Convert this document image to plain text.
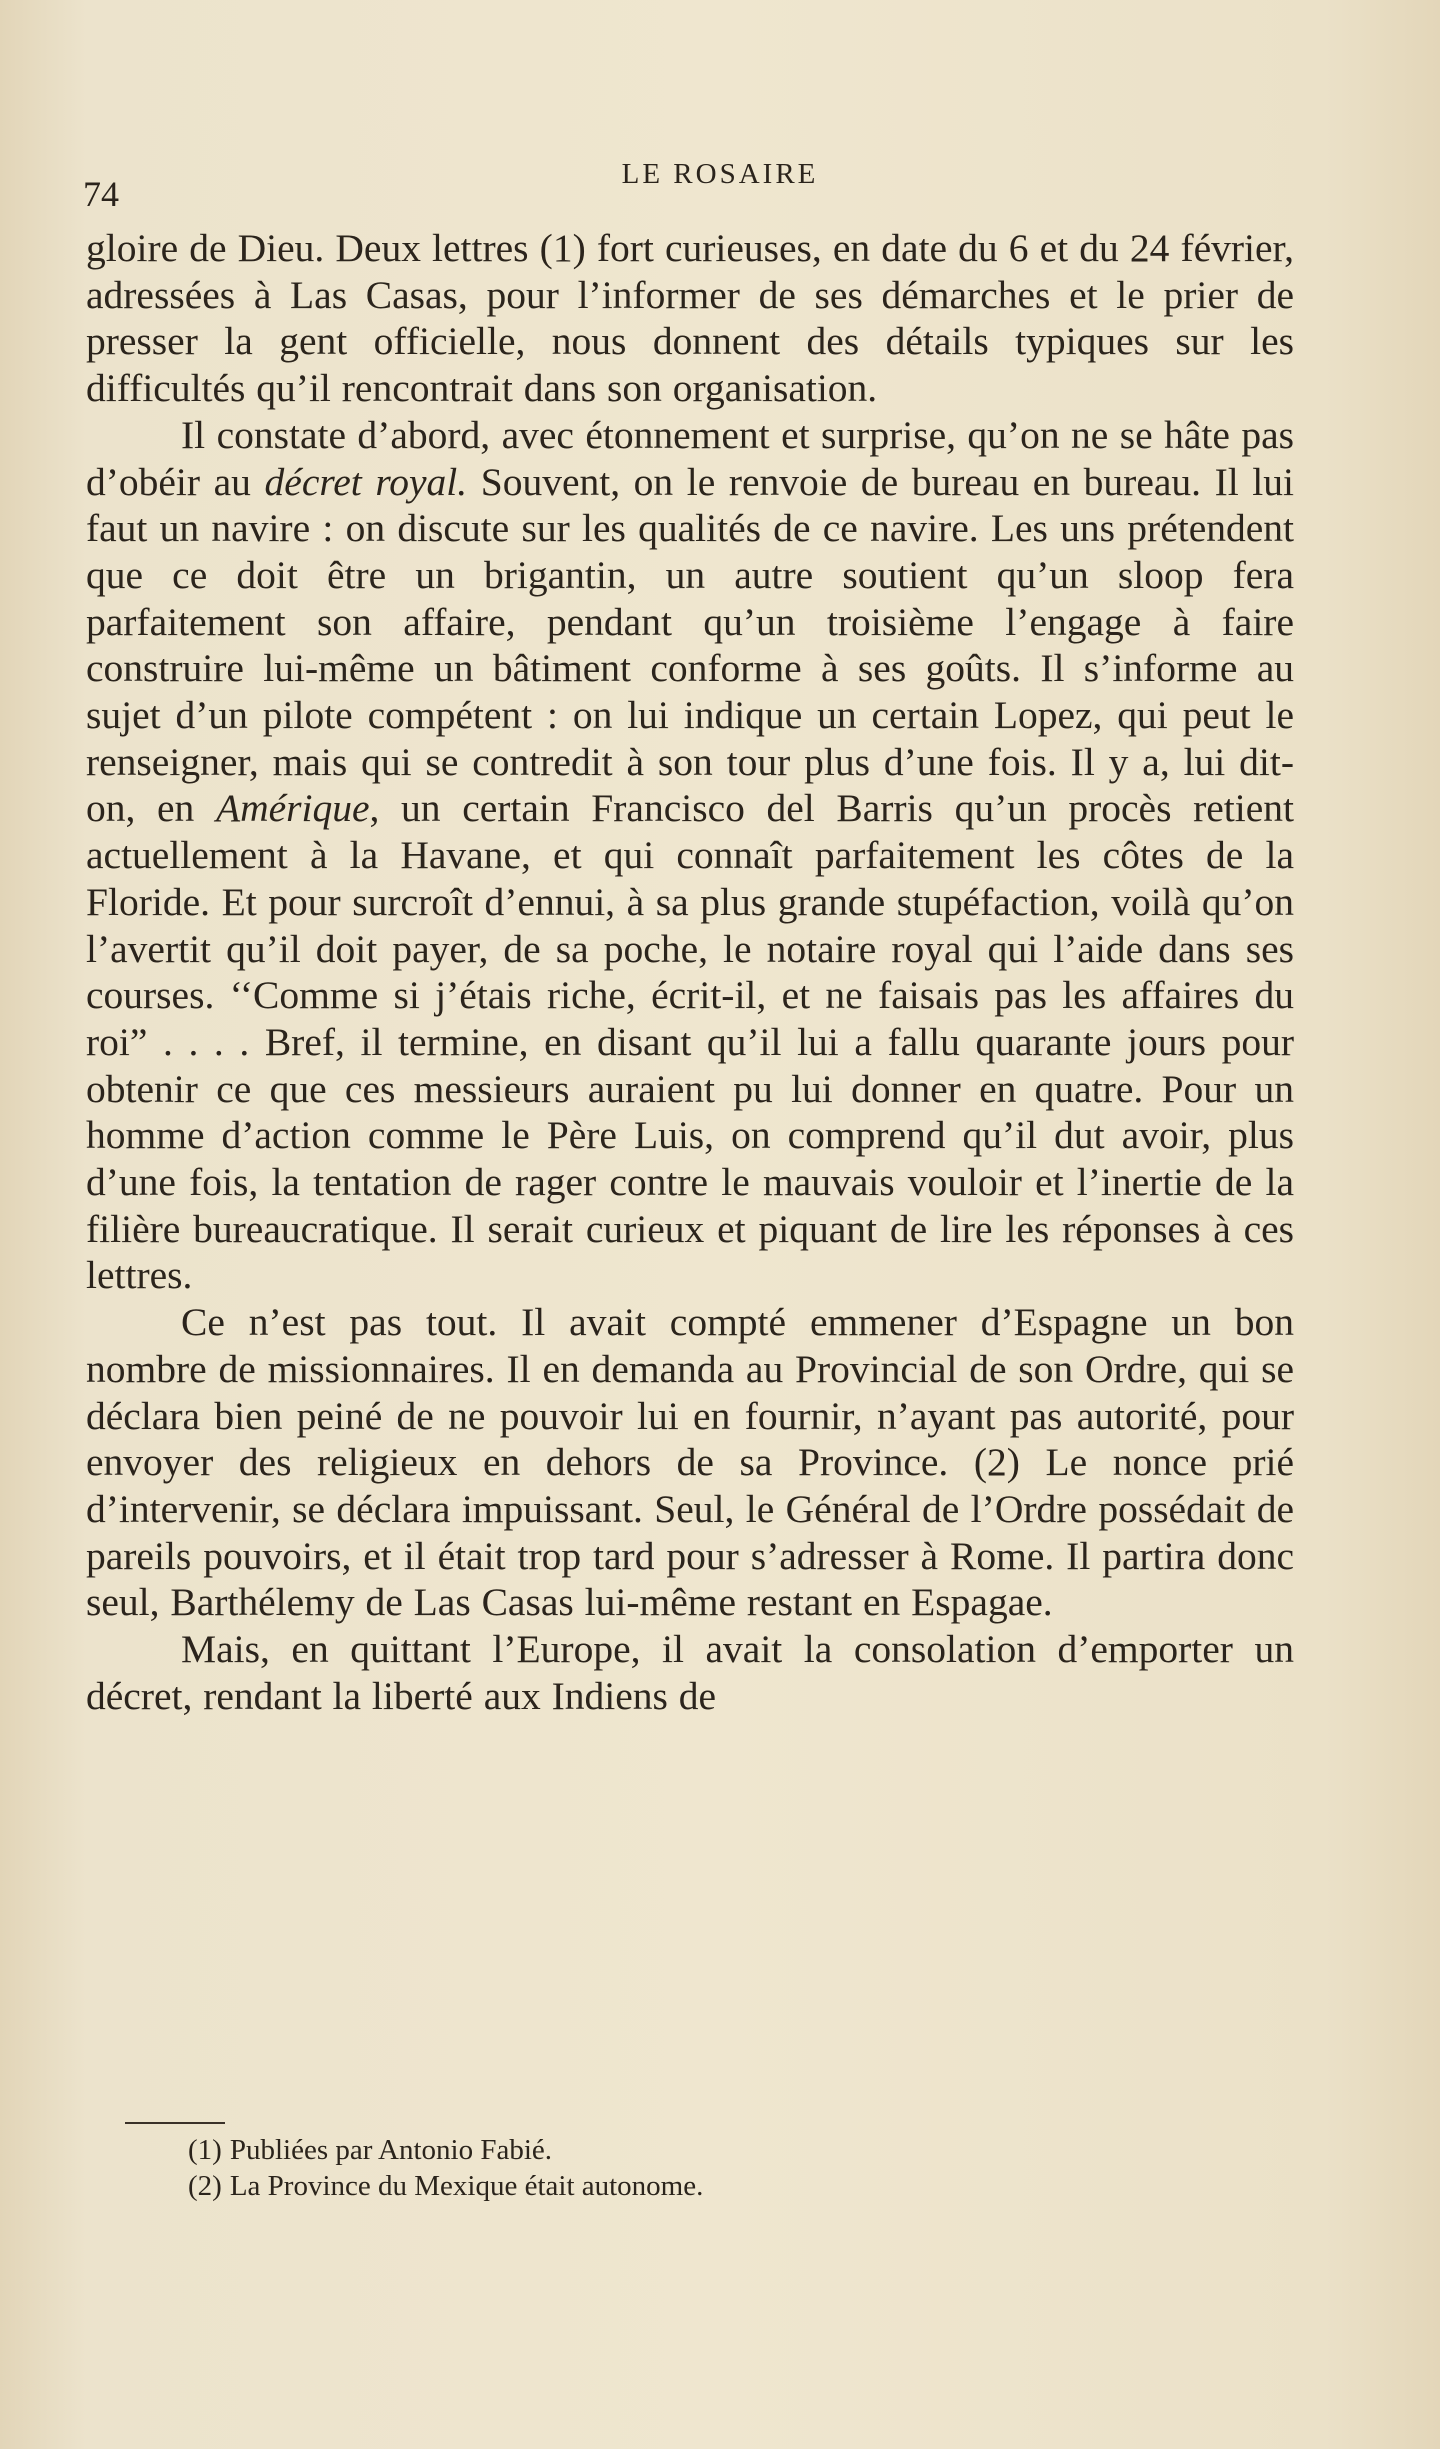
74	LE ROSAIRE

gloire de Dieu. Deux lettres (1) fort curieuses, en date du 6 et du 24 février, adressées à Las Casas, pour l’informer de ses démarches et le prier de presser la gent officielle, nous donnent des détails typiques sur les difficultés qu’il rencontrait dans son organisation.

Il constate d’abord, avec étonnement et surprise, qu’on ne se hâte pas d’obéir au décret royal. Souvent, on le renvoie de bureau en bureau. Il lui faut un navire : on discute sur les qualités de ce navire. Les uns prétendent que ce doit être un brigantin, un autre soutient qu’un sloop fera parfaitement son affaire, pendant qu’un troisième l’engage à faire construire lui-même un bâtiment conforme à ses goûts. Il s’informe au sujet d’un pilote compétent : on lui indique un certain Lopez, qui peut le renseigner, mais qui se contredit à son tour plus d’une fois. Il y a, lui dit-on, en Amérique, un certain Francisco del Barris qu’un procès retient actuellement à la Havane, et qui connaît parfaitement les côtes de la Floride. Et pour surcroît d’ennui, à sa plus grande stupéfaction, voilà qu’on l’avertit qu’il doit payer, de sa poche, le notaire royal qui l’aide dans ses courses. ‘‘Comme si j’étais riche, écrit-il, et ne faisais pas les affaires du roi” . . . . Bref, il termine, en disant qu’il lui a fallu quarante jours pour obtenir ce que ces messieurs auraient pu lui donner en quatre. Pour un homme d’action comme le Père Luis, on comprend qu’il dut avoir, plus d’une fois, la tentation de rager contre le mauvais vouloir et l’inertie de la filière bureaucratique. Il serait curieux et piquant de lire les réponses à ces lettres.

Ce n’est pas tout. Il avait compté emmener d’Espagne un bon nombre de missionnaires. Il en demanda au Provincial de son Ordre, qui se déclara bien peiné de ne pouvoir lui en fournir, n’ayant pas autorité, pour envoyer des religieux en dehors de sa Province. (2) Le nonce prié d’intervenir, se déclara impuissant. Seul, le Général de l’Ordre possédait de pareils pouvoirs, et il était trop tard pour s’adresser à Rome. Il partira donc seul, Barthélemy de Las Casas lui-même restant en Espagae.

Mais, en quittant l’Europe, il avait la consolation d’emporter un décret, rendant la liberté aux Indiens de

(1) Publiées par Antonio Fabié.

(2) La Province du Mexique était autonome.
